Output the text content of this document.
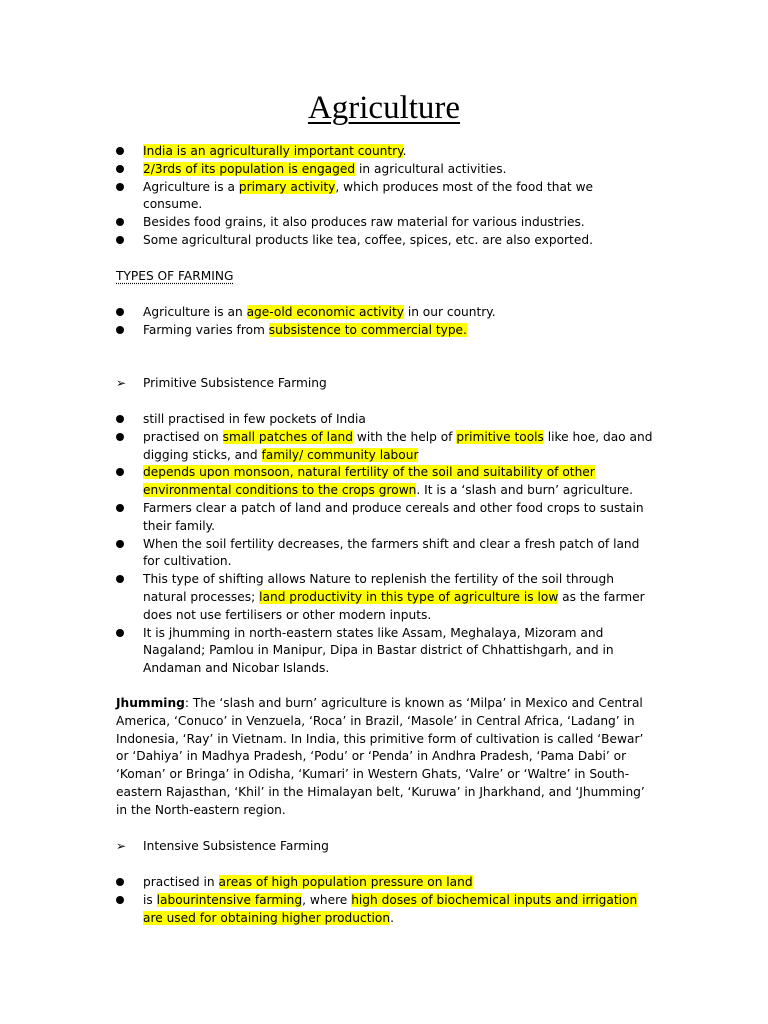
Agriculture
India is an agriculturally important country.
2/3rds of its population is engaged in agricultural activities.
Agriculture is a primary activity, which produces most of the food that we consume.
Besides food grains, it also produces raw material for various industries.
Some agricultural products like tea, coffee, spices, etc. are also exported.
TYPES OF FARMING
Agriculture is an age-old economic activity in our country.
Farming varies from subsistence to commercial type.
➢ Primitive Subsistence Farming
still practised in few pockets of India
practised on small patches of land with the help of primitive tools like hoe, dao and digging sticks, and family/ community labour
depends upon monsoon, natural fertility of the soil and suitability of other environmental conditions to the crops grown. It is a ‘slash and burn’ agriculture.
Farmers clear a patch of land and produce cereals and other food crops to sustain their family.
When the soil fertility decreases, the farmers shift and clear a fresh patch of land for cultivation.
This type of shifting allows Nature to replenish the fertility of the soil through natural processes; land productivity in this type of agriculture is low as the farmer does not use fertilisers or other modern inputs.
It is jhumming in north-eastern states like Assam, Meghalaya, Mizoram and Nagaland; Pamlou in Manipur, Dipa in Bastar district of Chhattishgarh, and in Andaman and Nicobar Islands.
Jhumming: The ‘slash and burn’ agriculture is known as ‘Milpa’ in Mexico and Central America, ‘Conuco’ in Venzuela, ‘Roca’ in Brazil, ‘Masole’ in Central Africa, ‘Ladang’ in Indonesia, ‘Ray’ in Vietnam. In India, this primitive form of cultivation is called ‘Bewar’ or ‘Dahiya’ in Madhya Pradesh, ‘Podu’ or ‘Penda’ in Andhra Pradesh, ‘Pama Dabi’ or ‘Koman’ or Bringa’ in Odisha, ‘Kumari’ in Western Ghats, ‘Valre’ or ‘Waltre’ in South-eastern Rajasthan, ‘Khil’ in the Himalayan belt, ‘Kuruwa’ in Jharkhand, and ‘Jhumming’ in the North-eastern region.
➢ Intensive Subsistence Farming
practised in areas of high population pressure on land
is labourintensive farming, where high doses of biochemical inputs and irrigation are used for obtaining higher production.
